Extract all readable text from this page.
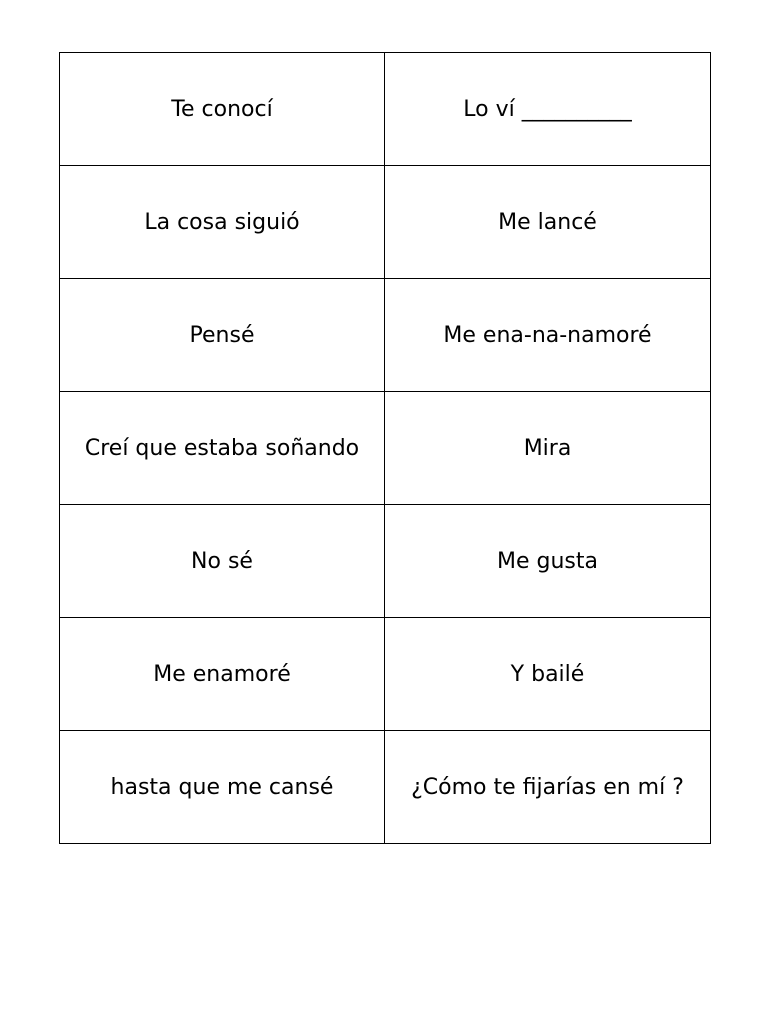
Te conocí	Lo ví __________
La cosa siguió	Me lancé
Pensé	Me ena-na-namoré
Creí que estaba soñando	Mira
No sé	Me gusta
Me enamoré	Y bailé
hasta que me cansé	¿Cómo te fijarías en mí ?
